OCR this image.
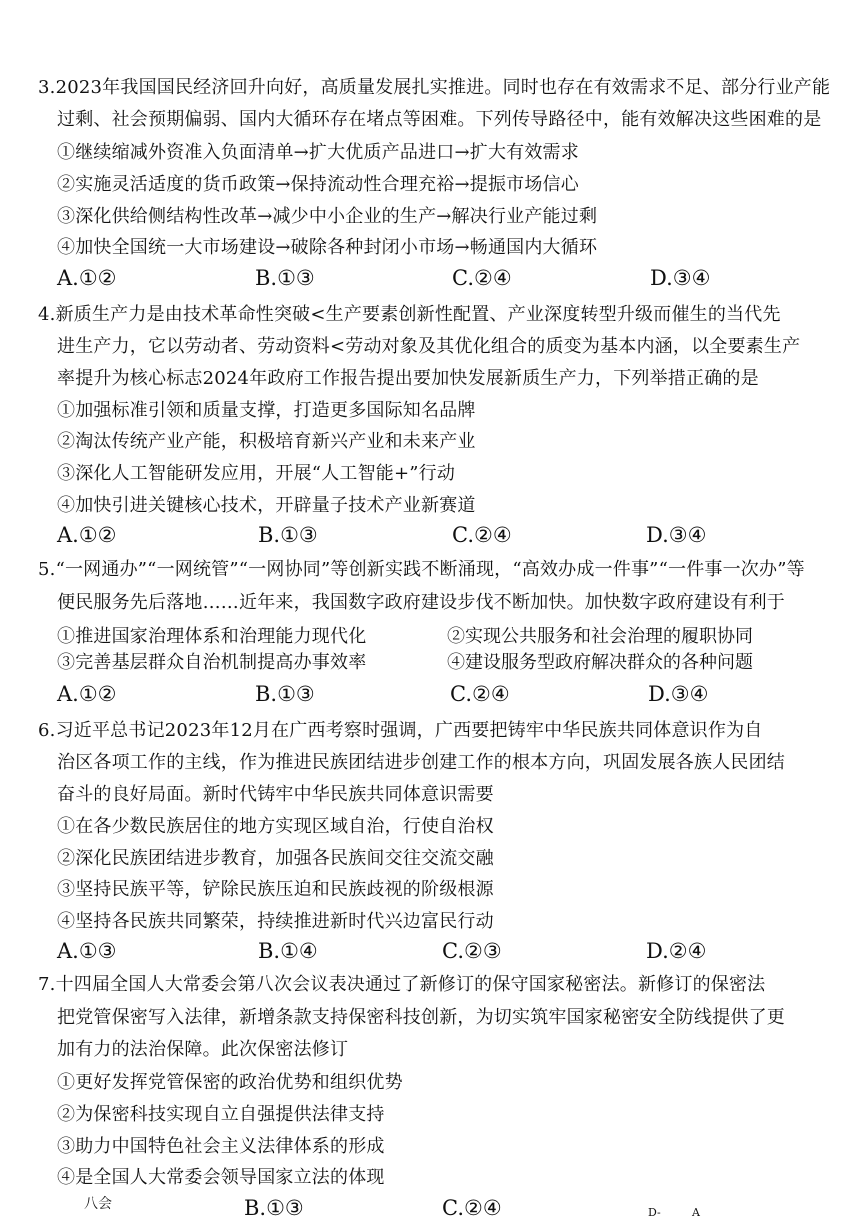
3.2023年我国国民经济回升向好，高质量发展扎实推进。同时也存在有效需求不足、部分行业产能
过剩、社会预期偏弱、国内大循环存在堵点等困难。下列传导路径中，能有效解决这些困难的是
①继续缩减外资准入负面清单→扩大优质产品进口→扩大有效需求
②实施灵活适度的货币政策→保持流动性合理充裕→提振市场信心
③深化供给侧结构性改革→减少中小企业的生产→解决行业产能过剩
④加快全国统一大市场建设→破除各种封闭小市场→畅通国内大循环
A.①②	B.①③	C.②④	D.③④
4.新质生产力是由技术革命性突破<生产要素创新性配置、产业深度转型升级而催生的当代先
进生产力，它以劳动者、劳动资料<劳动对象及其优化组合的质变为基本内涵，以全要素生产
率提升为核心标志2024年政府工作报告提出要加快发展新质生产力，下列举措正确的是
①加强标准引领和质量支撑，打造更多国际知名品牌
②淘汰传统产业产能，积极培育新兴产业和未来产业
③深化人工智能研发应用，开展“人工智能+”行动
④加快引进关键核心技术，开辟量子技术产业新赛道
A.①②	B.①③	C.②④	D.③④
5.“一网通办”“一网统管”“一网协同”等创新实践不断涌现，“高效办成一件事”“一件事一次办”等
便民服务先后落地……近年来，我国数字政府建设步伐不断加快。加快数字政府建设有利于
①推进国家治理体系和治理能力现代化	②实现公共服务和社会治理的履职协同
③完善基层群众自治机制提高办事效率	④建设服务型政府解决群众的各种问题
A.①②	B.①③	C.②④	D.③④
6.习近平总书记2023年12月在广西考察时强调，广西要把铸牢中华民族共同体意识作为自
治区各项工作的主线，作为推进民族团结进步创建工作的根本方向，巩固发展各族人民团结
奋斗的良好局面。新时代铸牢中华民族共同体意识需要
①在各少数民族居住的地方实现区域自治，行使自治权
②深化民族团结进步教育，加强各民族间交往交流交融
③坚持民族平等，铲除民族压迫和民族歧视的阶级根源
④坚持各民族共同繁荣，持续推进新时代兴边富民行动
A.①③	B.①④	C.②③	D.②④
7.十四届全国人大常委会第八次会议表决通过了新修订的保守国家秘密法。新修订的保密法
把党管保密写入法律，新增条款支持保密科技创新，为切实筑牢国家秘密安全防线提供了更
加有力的法治保障。此次保密法修订
①更好发挥党管保密的政治优势和组织优势
②为保密科技实现自立自强提供法律支持
③助力中国特色社会主义法律体系的形成
④是全国人大常委会领导国家立法的体现
八会	B.①③	C.②④	D-	A
